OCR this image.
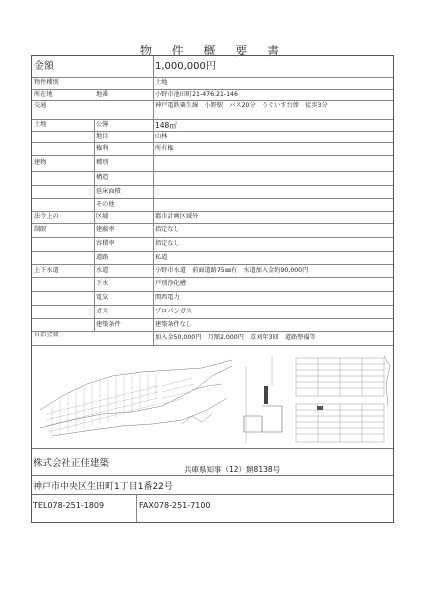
物 件 概 要 書
金額	1,000,000円
物件種別	土地
所在地	地番	小野市池田町21-476.21-146
交通	神戸電鉄粟生線　小野駅　バス20分　うぐいす台俸　徒歩3分
土地	公簿	148㎡
地目	山林
権利	所有権
建物	種別
構造
延床面積
その他
法令上の	区域	都市計画区域外
制限	建蔽率	指定なし
容積率	指定なし
道路	私道
上下水道	水道	小野市水道　前面道路75㎜有　水道加入金約90,000円
下水	戸別浄化槽
電気	関西電力
ガス	プロパンガス
建築条件	建築条件なし
自治会費	加入金50,000円　月額2,000円　草刈年3回　道路整備等
...
株式会社正佳建築
兵庫県知事（12）類8138号
神戸市中央区生田町1丁目1番22号
TEL078-251-1809	FAX078-251-7100
